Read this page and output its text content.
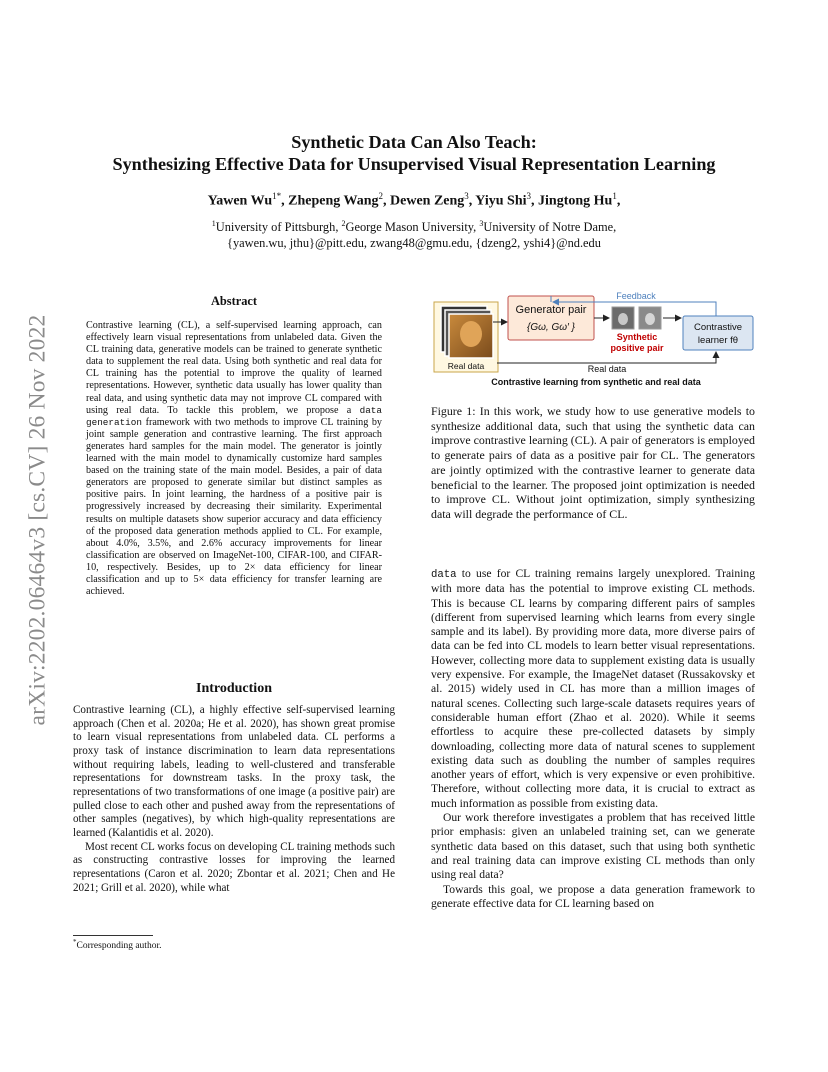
arXiv:2202.06464v3 [cs.CV] 26 Nov 2022
Synthetic Data Can Also Teach:
Synthesizing Effective Data for Unsupervised Visual Representation Learning
Yawen $Wu^{1*}$, Zhepeng Wang$^2$, Dewen Zeng$^3$, Yiyu Shi$^3$, Jingtong Hu$^1$,
$^1$University of Pittsburgh, $^2$George Mason University, $^3$University of Notre Dame,
{yawen.wu, jthu}@pitt.edu, zwang48@gmu.edu, {dzeng2, yshi4}@nd.edu
Abstract

Contrastive learning (CL), a self-supervised learning approach, can effectively learn visual representations from unlabeled data. Given the CL training data, generative models can be trained to generate synthetic data to supplement the real data. Using both synthetic and real data for CL training has the potential to improve the quality of learned representations. However, synthetic data usually has lower quality than real data, and using synthetic data may not improve CL compared with using real data. To tackle this problem, we propose a data generation framework with two methods to improve CL training by joint sample generation and contrastive learning. The first approach generates hard samples for the main model. The generator is jointly learned with the main model to dynamically customize hard samples based on the training state of the main model. Besides, a pair of data generators are proposed to generate similar but distinct samples as positive pairs. In joint learning, the hardness of a positive pair is progressively increased by decreasing their similarity. Experimental results on multiple datasets show superior accuracy and data efficiency of the proposed data generation methods applied to CL. For example, about 4.0%, 3.5%, and 2.6% accuracy improvements for linear classification are observed on ImageNet-100, CIFAR-100, and CIFAR-10, respectively. Besides, up to 2× data efficiency for linear classification and up to 5× data efficiency for transfer learning are achieved.

Introduction

Contrastive learning (CL), a highly effective self-supervised learning approach (Chen et al. 2020a; He et al. 2020), has shown great promise to learn visual representations from unlabeled data. CL performs a proxy task of instance discrimination to learn data representations without requiring labels, leading to well-clustered and transferable representations for downstream tasks. In the proxy task, the representations of two transformations of one image (a positive pair) are pulled close to each other and pushed away from the representations of other samples (negatives), by which high-quality representations are learned (Kalantidis et al. 2020).

Most recent CL works focus on developing CL training methods such as constructing contrastive losses for improving the learned representations (Caron et al. 2020; Zbontar et al. 2021; Chen and He 2021; Grill et al. 2020), while what

*Corresponding author.
Real data
Generator pair
{Gω, Gω′ }
Feedback
Synthetic
positive pair
Contrastive
learner fθ
Real data
Contrastive learning from synthetic and real data
Figure 1: In this work, we study how to use generative models to synthesize additional data, such that using the synthetic data can improve contrastive learning (CL). A pair of generators is employed to generate pairs of data as a positive pair for CL. The generators are jointly optimized with the contrastive learner to generate data beneficial to the learner. The proposed joint optimization is needed to improve CL. Without joint optimization, simply synthesizing data will degrade the performance of CL.

data to use for CL training remains largely unexplored. Training with more data has the potential to improve existing CL methods. This is because CL learns by comparing different pairs of samples (different from supervised learning which learns from every single sample and its label). By providing more data, more diverse pairs of data can be fed into CL models to learn better visual representations. However, collecting more data to supplement existing data is usually very expensive. For example, the ImageNet dataset (Russakovsky et al. 2015) widely used in CL has more than a million images of natural scenes. Collecting such large-scale datasets requires years of considerable human effort (Zhao et al. 2020). While it seems effortless to acquire these pre-collected datasets by simply downloading, collecting more data of natural scenes to supplement existing data such as doubling the number of samples requires another years of effort, which is very expensive or even prohibitive. Therefore, without collecting more data, it is crucial to extract as much information as possible from existing data.

Our work therefore investigates a problem that has received little prior emphasis: given an unlabeled training set, can we generate synthetic data based on this dataset, such that using both synthetic and real training data can improve existing CL methods than only using real data?

Towards this goal, we propose a data generation framework to generate effective data for CL learning based on
